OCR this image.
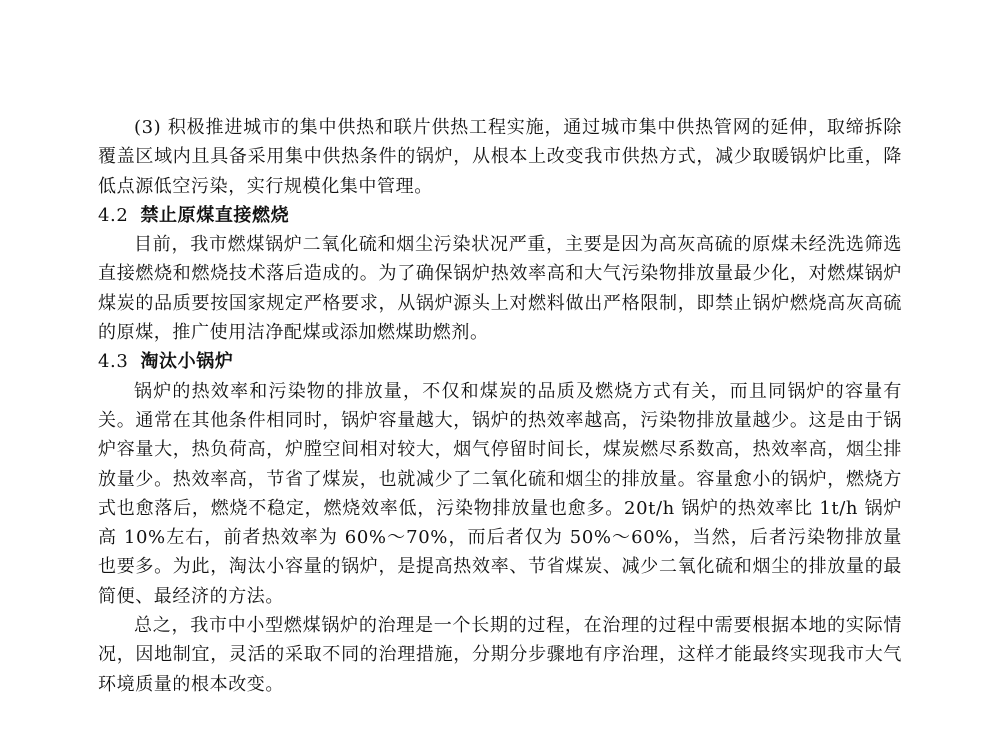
(3) 积极推进城市的集中供热和联片供热工程实施，通过城市集中供热管网的延伸，取缔拆除覆盖区域内且具备采用集中供热条件的锅炉，从根本上改变我市供热方式，减少取暖锅炉比重，降低点源低空污染，实行规模化集中管理。

4.2 禁止原煤直接燃烧

目前，我市燃煤锅炉二氧化硫和烟尘污染状况严重，主要是因为高灰高硫的原煤未经洗选筛选直接燃烧和燃烧技术落后造成的。为了确保锅炉热效率高和大气污染物排放量最少化，对燃煤锅炉煤炭的品质要按国家规定严格要求，从锅炉源头上对燃料做出严格限制，即禁止锅炉燃烧高灰高硫的原煤，推广使用洁净配煤或添加燃煤助燃剂。

4.3 淘汰小锅炉

锅炉的热效率和污染物的排放量，不仅和煤炭的品质及燃烧方式有关，而且同锅炉的容量有关。通常在其他条件相同时，锅炉容量越大，锅炉的热效率越高，污染物排放量越少。这是由于锅炉容量大，热负荷高，炉膛空间相对较大，烟气停留时间长，煤炭燃尽系数高，热效率高，烟尘排放量少。热效率高，节省了煤炭，也就减少了二氧化硫和烟尘的排放量。容量愈小的锅炉，燃烧方式也愈落后，燃烧不稳定，燃烧效率低，污染物排放量也愈多。20t/h 锅炉的热效率比 1t/h 锅炉高 10%左右，前者热效率为 60%～70%，而后者仅为 50%～60%，当然，后者污染物排放量也要多。为此，淘汰小容量的锅炉，是提高热效率、节省煤炭、减少二氧化硫和烟尘的排放量的最简便、最经济的方法。

总之，我市中小型燃煤锅炉的治理是一个长期的过程，在治理的过程中需要根据本地的实际情况，因地制宜，灵活的采取不同的治理措施，分期分步骤地有序治理，这样才能最终实现我市大气环境质量的根本改变。
